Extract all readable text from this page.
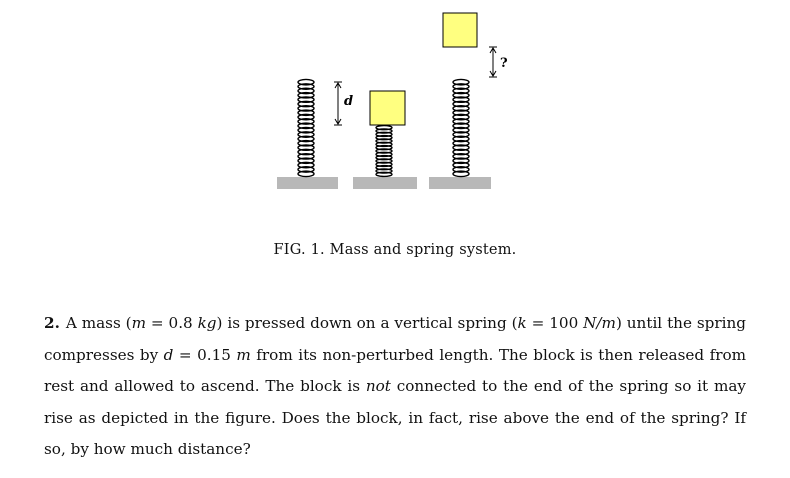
d
?
FIG. 1. Mass and spring system.
2. A mass (m = 0.8 kg) is pressed down on a vertical spring (k = 100 N/m) until the spring compresses by d = 0.15 m from its non-perturbed length. The block is then released from rest and allowed to ascend. The block is not connected to the end of the spring so it may rise as depicted in the figure. Does the block, in fact, rise above the end of the spring? If so, by how much distance?
